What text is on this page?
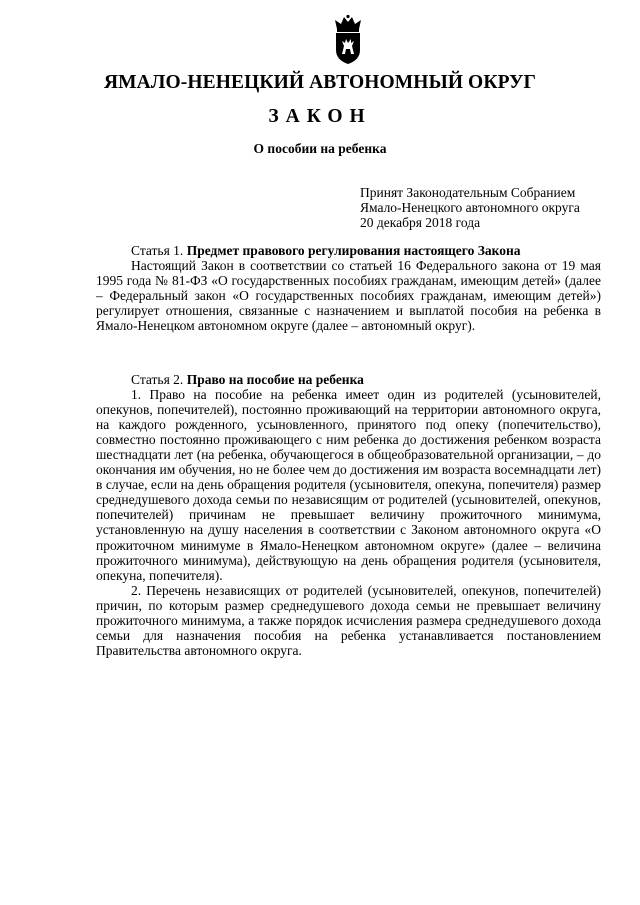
ЯМАЛО-НЕНЕЦКИЙ АВТОНОМНЫЙ ОКРУГ
ЗАКОН
О пособии на ребенка
Принят Законодательным Собранием
Ямало-Ненецкого автономного округа
20 декабря 2018 года

Статья 1. Предмет правового регулирования настоящего Закона

Настоящий Закон в соответствии со статьей 16 Федерального закона от 19 мая 1995 года № 81-ФЗ «О государственных пособиях гражданам, имеющим детей» (далее – Федеральный закон «О государственных пособиях гражданам, имеющим детей») регулирует отношения, связанные с назначением и выплатой пособия на ребенка в Ямало-Ненецком автономном округе (далее – автономный округ).

Статья 2. Право на пособие на ребенка

1. Право на пособие на ребенка имеет один из родителей (усыновителей, опекунов, попечителей), постоянно проживающий на территории автономного округа, на каждого рожденного, усыновленного, принятого под опеку (попечительство), совместно постоянно проживающего с ним ребенка до достижения ребенком возраста шестнадцати лет (на ребенка, обучающегося в общеобразовательной организации, – до окончания им обучения, но не более чем до достижения им возраста восемнадцати лет) в случае, если на день обращения родителя (усыновителя, опекуна, попечителя) размер среднедушевого дохода семьи по независящим от родителей (усыновителей, опекунов, попечителей) причинам не превышает величину прожиточного минимума, установленную на душу населения в соответствии с Законом автономного округа «О прожиточном минимуме в Ямало-Ненецком автономном округе» (далее – величина прожиточного минимума), действующую на день обращения родителя (усыновителя, опекуна, попечителя).

2. Перечень независящих от родителей (усыновителей, опекунов, попечителей) причин, по которым размер среднедушевого дохода семьи не превышает величину прожиточного минимума, а также порядок исчисления размера среднедушевого дохода семьи для назначения пособия на ребенка устанавливается постановлением Правительства автономного округа.
